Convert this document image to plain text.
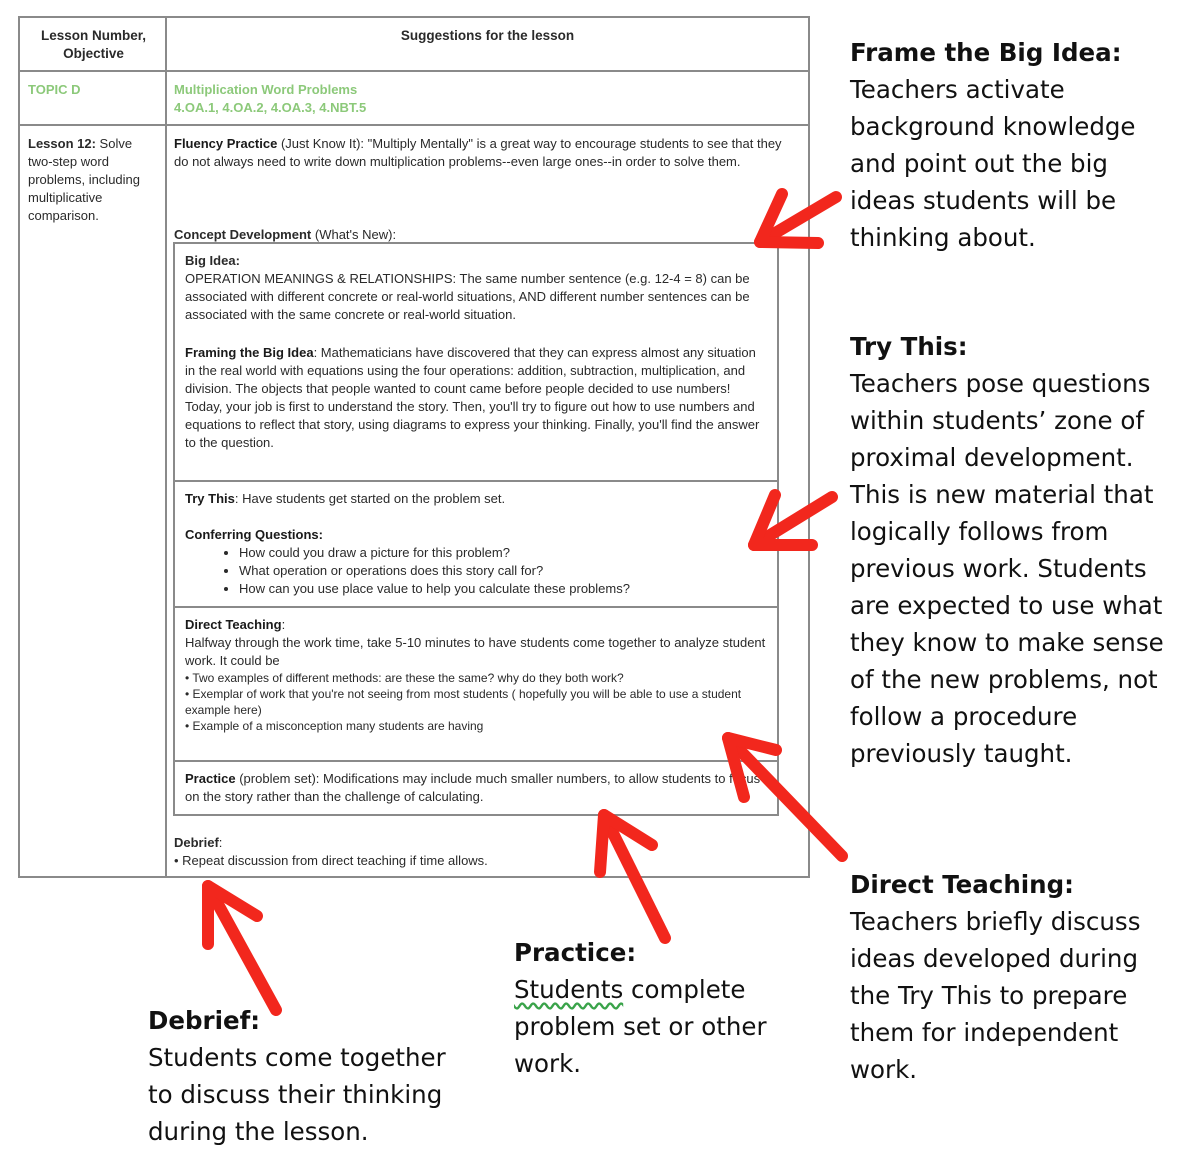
Lesson Number,
Objective
Suggestions for the lesson
TOPIC D	Multiplication Word Problems
4.OA.1, 4.OA.2, 4.OA.3, 4.NBT.5
Lesson 12: Solve two-step word problems, including multiplicative comparison.

Fluency Practice (Just Know It): "Multiply Mentally" is a great way to encourage students to see that they do not always need to write down multiplication problems--even large ones--in order to solve them.

Concept Development (What's New):
Debrief:
• Repeat discussion from direct teaching if time allows.
Big Idea:
OPERATION MEANINGS & RELATIONSHIPS: The same number sentence (e.g. 12-4 = 8) can be associated with different concrete or real-world situations, AND different number sentences can be associated with the same concrete or real-world situation.

Framing the Big Idea: Mathematicians have discovered that they can express almost any situation in the real world with equations using the four operations: addition, subtraction, multiplication, and division. The objects that people wanted to count came before people decided to use numbers! Today, your job is first to understand the story. Then, you'll try to figure out how to use numbers and equations to reflect that story, using diagrams to express your thinking. Finally, you'll find the answer to the question.

Try This: Have students get started on the problem set.

Conferring Questions:

• How could you draw a picture for this problem?
• What operation or operations does this story call for?
• How can you use place value to help you calculate these problems?

Direct Teaching:
Halfway through the work time, take 5-10 minutes to have students come together to analyze student work. It could be

• Two examples of different methods: are these the same? why do they both work?
• Exemplar of work that you're not seeing from most students ( hopefully you will be able to use a student example here)
• Example of a misconception many students are having

Practice (problem set): Modifications may include much smaller numbers, to allow students to focus on the story rather than the challenge of calculating.

Frame the Big Idea:
Teachers activate
background knowledge
and point out the big
ideas students will be
thinking about.
Try This:
Teachers pose questions
within students’ zone of
proximal development.
This is new material that
logically follows from
previous work. Students
are expected to use what
they know to make sense
of the new problems, not
follow a procedure
previously taught.
Direct Teaching:
Teachers briefly discuss
ideas developed during
the Try This to prepare
them for independent
work.
Practice:
Students complete
problem set or other
work.
Debrief:
Students come together
to discuss their thinking
during the lesson.
